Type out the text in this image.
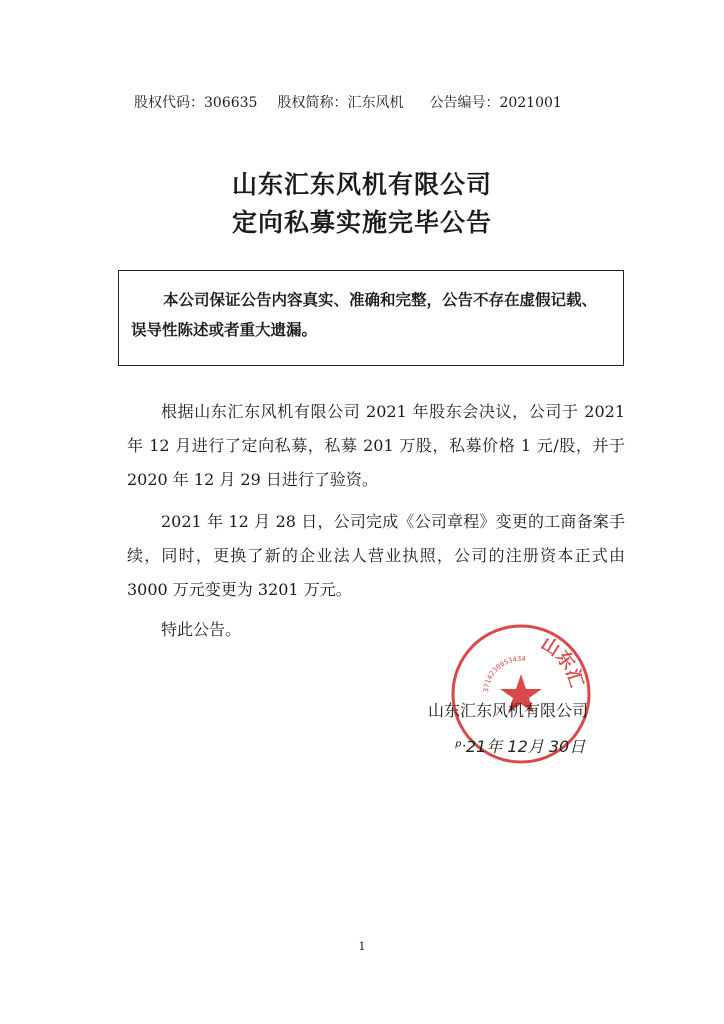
股权代码：306635 股权简称：汇东风机 公告编号：2021001
山东汇东风机有限公司
定向私募实施完毕公告
本公司保证公告内容真实、准确和完整，公告不存在虚假记载、误导性陈述或者重大遗漏。
根据山东汇东风机有限公司 2021 年股东会决议，公司于 2021 年 12 月进行了定向私募，私募 201 万股，私募价格 1 元/股，并于 2020 年 12 月 29 日进行了验资。
2021 年 12 月 28 日，公司完成《公司章程》变更的工商备案手续，同时，更换了新的企业法人营业执照，公司的注册资本正式由 3000 万元变更为 3201 万元。
特此公告。
山东汇
3714230053434
山东汇东风机有限公司
ᵖᐧ21年 12月 30日
1
